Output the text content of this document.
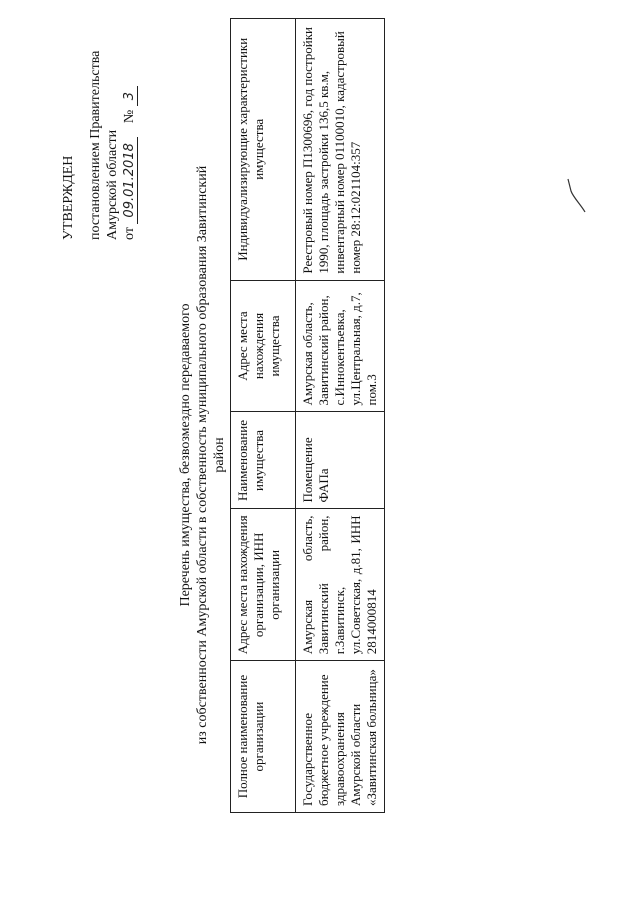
УТВЕРЖДЕН постановлением Правительства Амурской области от 09.01.2018    № 3
Перечень имущества, безвозмездно передаваемого из собственности Амурской области в собственность муниципального образования Завитинский район
Полное наименование организации	Адрес места нахождения организации, ИНН организации	Наименование имущества	Адрес места нахождения имущества	Индивидуализирующие характеристики имущества
Государственное бюджетное учреждение здравоохранения Амурской области «Завитинская больница»	Амурская область, Завитинский район, г.Завитинск, ул.Советская, д.81, ИНН 2814000814	Помещение ФАПа	Амурская область, Завитинский район, с.Иннокентьевка, ул.Центральная, д.7, пом.3	Реестровый номер П1300696, год постройки 1990, площадь застройки 136,5 кв.м, инвентарный номер 01100010, кадастровый номер 28:12:021104:357
